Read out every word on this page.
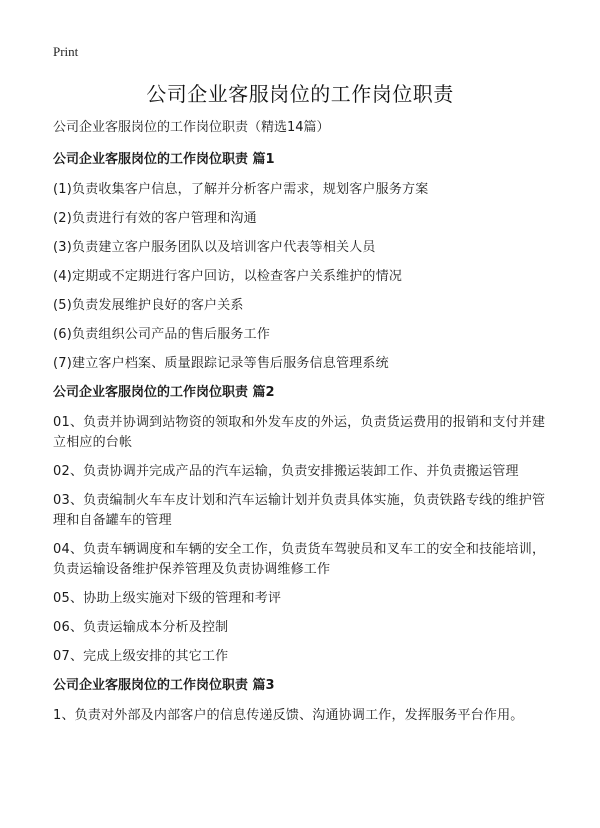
Print
公司企业客服岗位的工作岗位职责

公司企业客服岗位的工作岗位职责（精选14篇）

公司企业客服岗位的工作岗位职责 篇1

(1)负责收集客户信息，了解并分析客户需求，规划客户服务方案

(2)负责进行有效的客户管理和沟通

(3)负责建立客户服务团队以及培训客户代表等相关人员

(4)定期或不定期进行客户回访，以检查客户关系维护的情况

(5)负责发展维护良好的客户关系

(6)负责组织公司产品的售后服务工作

(7)建立客户档案、质量跟踪记录等售后服务信息管理系统

公司企业客服岗位的工作岗位职责 篇2

01、负责并协调到站物资的领取和外发车皮的外运，负责货运费用的报销和支付并建立相应的台帐

02、负责协调并完成产品的汽车运输，负责安排搬运装卸工作、并负责搬运管理

03、负责编制火车车皮计划和汽车运输计划并负责具体实施，负责铁路专线的维护管理和自备罐车的管理

04、负责车辆调度和车辆的安全工作，负责货车驾驶员和叉车工的安全和技能培训，负责运输设备维护保养管理及负责协调维修工作

05、协助上级实施对下级的管理和考评

06、负责运输成本分析及控制

07、完成上级安排的其它工作

公司企业客服岗位的工作岗位职责 篇3

1、负责对外部及内部客户的信息传递反馈、沟通协调工作，发挥服务平台作用。
